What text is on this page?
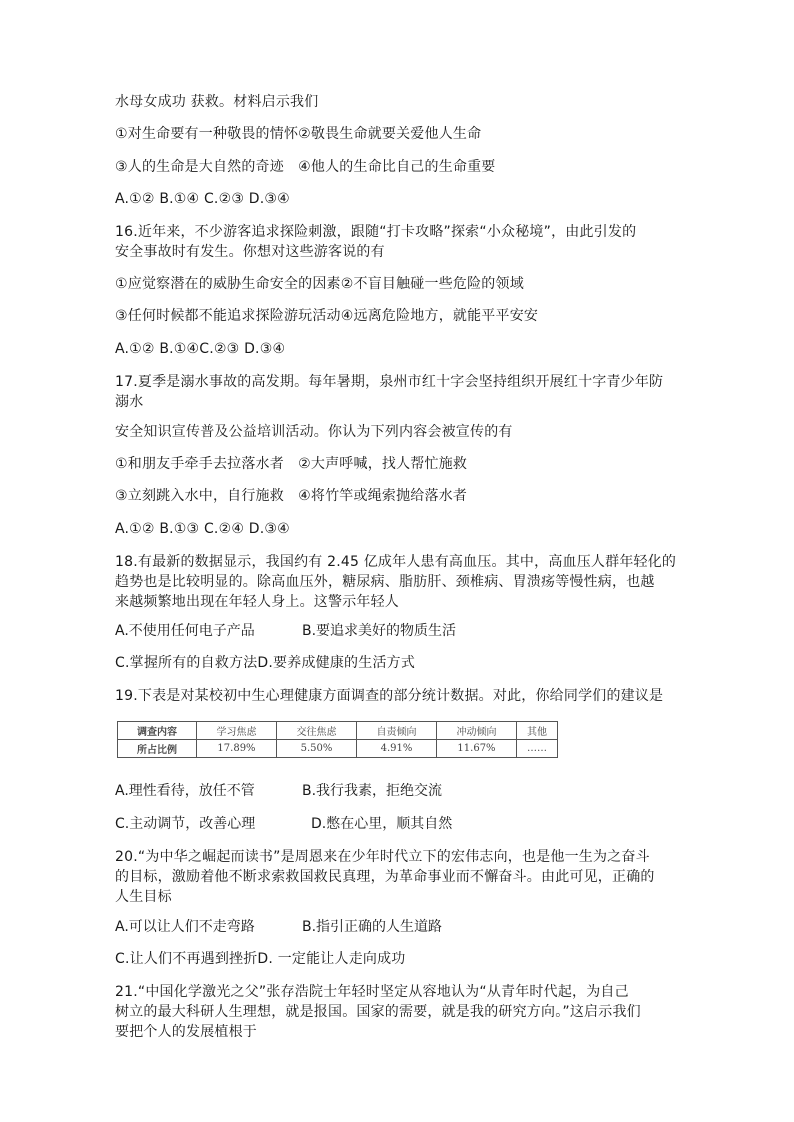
水母女成功 获救。材料启示我们
①对生命要有一种敬畏的情怀②敬畏生命就要关爱他人生命
③人的生命是大自然的奇迹　④他人的生命比自己的生命重要
A.①② B.①④ C.②③ D.③④
16.近年来，不少游客追求探险刺激，跟随“打卡攻略”探索“小众秘境”，由此引发的
安全事故时有发生。你想对这些游客说的有
①应觉察潜在的威胁生命安全的因素②不盲目触碰一些危险的领域
③任何时候都不能追求探险游玩活动④远离危险地方，就能平平安安
A.①② B.①④C.②③ D.③④
17.夏季是溺水事故的高发期。每年暑期，泉州市红十字会坚持组织开展红十字青少年防
溺水
安全知识宣传普及公益培训活动。你认为下列内容会被宣传的有
①和朋友手牵手去拉落水者　②大声呼喊，找人帮忙施救
③立刻跳入水中，自行施救　④将竹竿或绳索抛给落水者
A.①② B.①③ C.②④ D.③④
18.有最新的数据显示，我国约有 2.45 亿成年人患有高血压。其中，高血压人群年轻化的
趋势也是比较明显的。除高血压外，糖尿病、脂肪肝、颈椎病、胃溃疡等慢性病，也越
来越频繁地出现在年轻人身上。这警示年轻人
A.不使用任何电子产品	B.要追求美好的物质生活
C.掌握所有的自救方法D.要养成健康的生活方式
19.下表是对某校初中生心理健康方面调查的部分统计数据。对此，你给同学们的建议是
调查内容	学习焦虑	交往焦虑	自责倾向	冲动倾向	其他
所占比例	17.89%	5.50%	4.91%	11.67%	……
A.理性看待，放任不管	B.我行我素，拒绝交流
C.主动调节，改善心理	D.憋在心里，顺其自然
20.“为中华之崛起而读书”是周恩来在少年时代立下的宏伟志向，也是他一生为之奋斗
的目标，激励着他不断求索救国救民真理，为革命事业而不懈奋斗。由此可见，正确的
人生目标
A.可以让人们不走弯路	B.指引正确的人生道路
C.让人们不再遇到挫折D. 一定能让人走向成功
21.“中国化学激光之父”张存浩院士年轻时坚定从容地认为“从青年时代起，为自己
树立的最大科研人生理想，就是报国。国家的需要，就是我的研究方向。”这启示我们
要把个人的发展植根于
